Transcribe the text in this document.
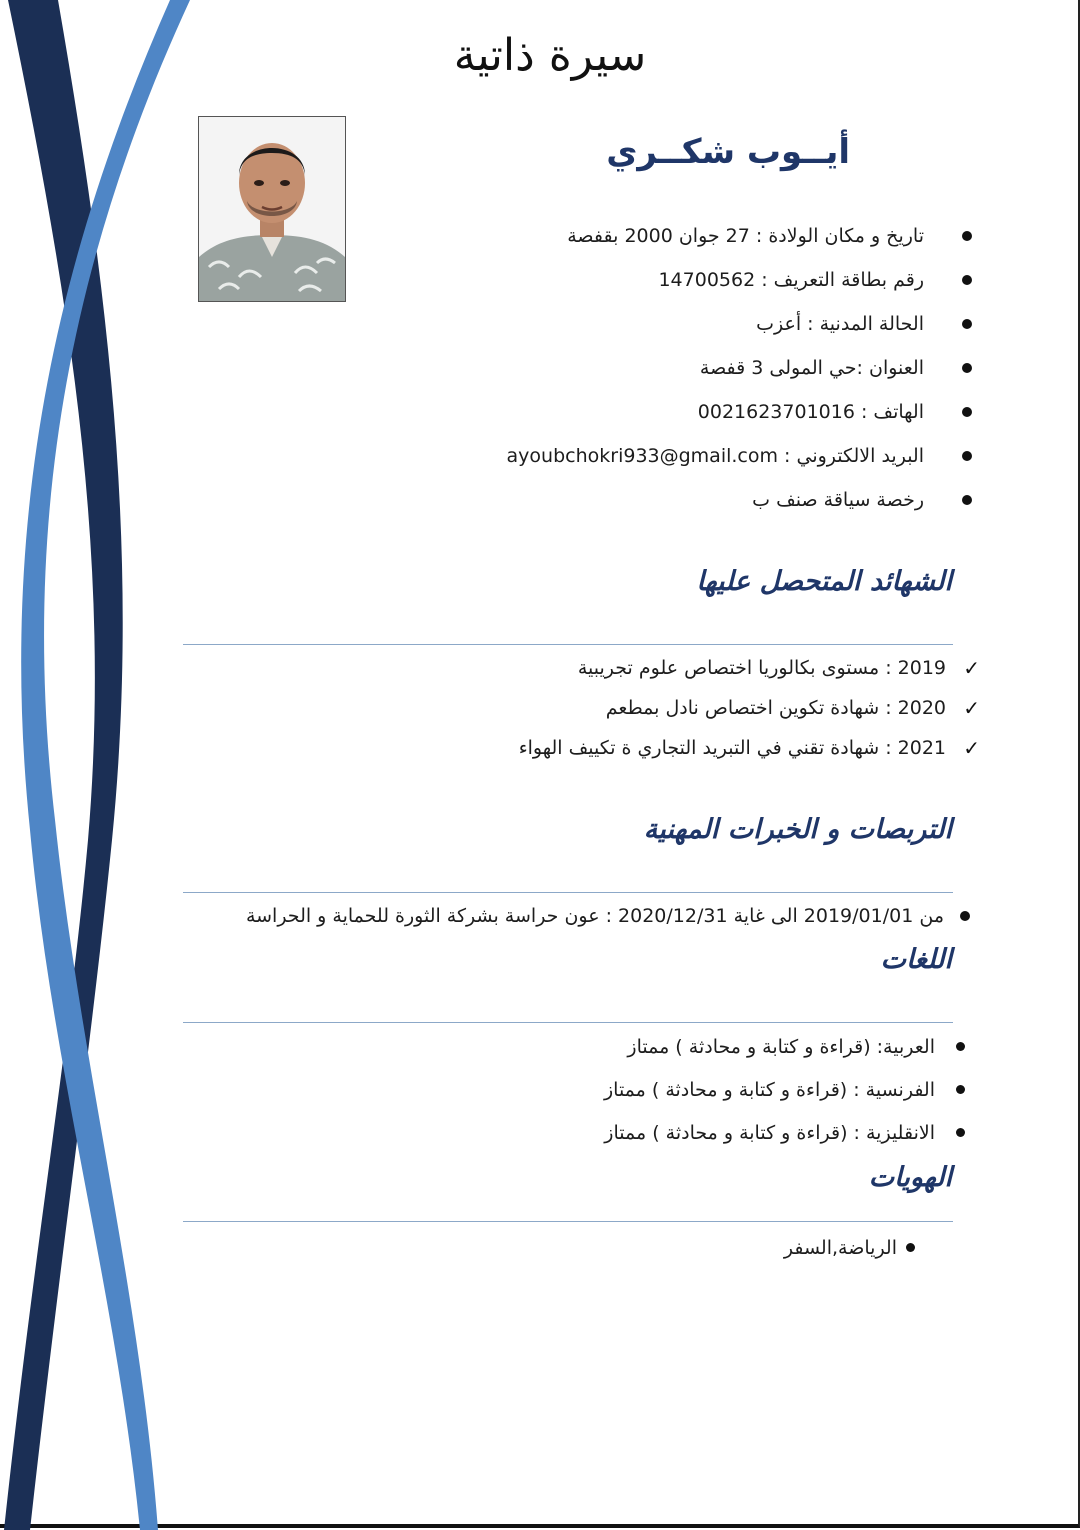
سيرة ذاتية
أيــوب شكــري
تاريخ و مكان الولادة : 27 جوان 2000 بقفصة
رقم بطاقة التعريف : 14700562
الحالة المدنية : أعزب
العنوان :حي المولى 3 قفصة
الهاتف : 0021623701016
البريد الالكتروني : ayoubchokri933@gmail.com
رخصة سياقة صنف ب
الشهائد المتحصل عليها
✓
2019 : مستوى بكالوريا اختصاص علوم تجريبية
✓
2020 : شهادة تكوين اختصاص نادل بمطعم
✓
2021 : شهادة تقني في التبريد التجاري ة تكييف الهواء
التربصات و الخبرات المهنية
من 2019/01/01 الى غاية 2020/12/31 : عون حراسة بشركة الثورة للحماية و الحراسة
اللغات
العربية: (قراءة و كتابة و محادثة ) ممتاز
الفرنسية : (قراءة و كتابة و محادثة ) ممتاز
الانقليزية : (قراءة و كتابة و محادثة ) ممتاز
الهويات
الرياضة,السفر
